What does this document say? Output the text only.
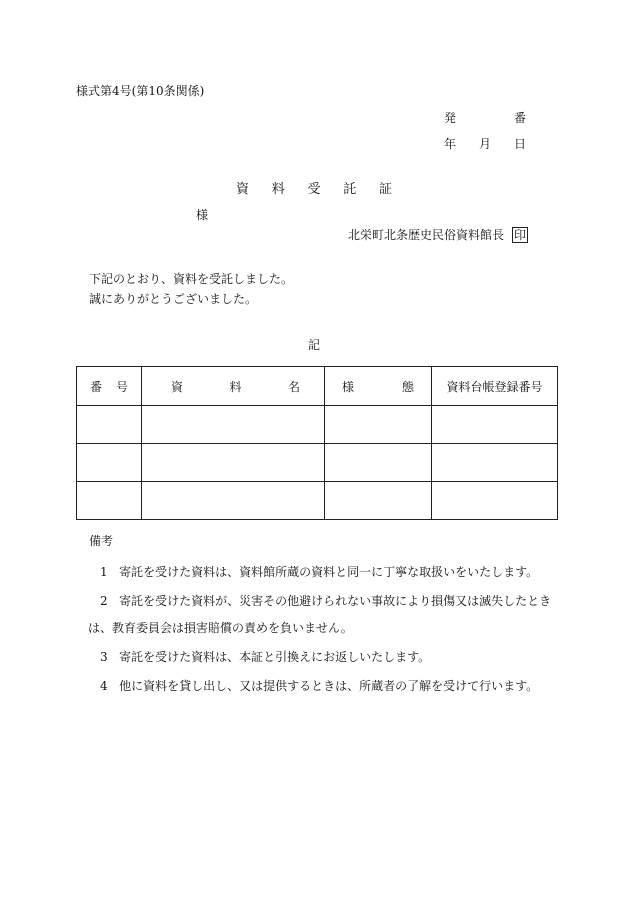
様式第4号(第10条関係)
発	番
年 月 日
資 料 受 託 証
様
北栄町北条歴史民俗資料館長 印
下記のとおり、資料を受託しました。
誠にありがとうございました。
記
番 号	資 料 名	様 態	資料台帳登録番号

備考
1 寄託を受けた資料は、資料館所蔵の資料と同一に丁寧な取扱いをいたします。
2 寄託を受けた資料が、災害その他避けられない事故により損傷又は滅失したとき
は、教育委員会は損害賠償の責めを負いません。
3 寄託を受けた資料は、本証と引換えにお返しいたします。
4 他に資料を貸し出し、又は提供するときは、所蔵者の了解を受けて行います。
